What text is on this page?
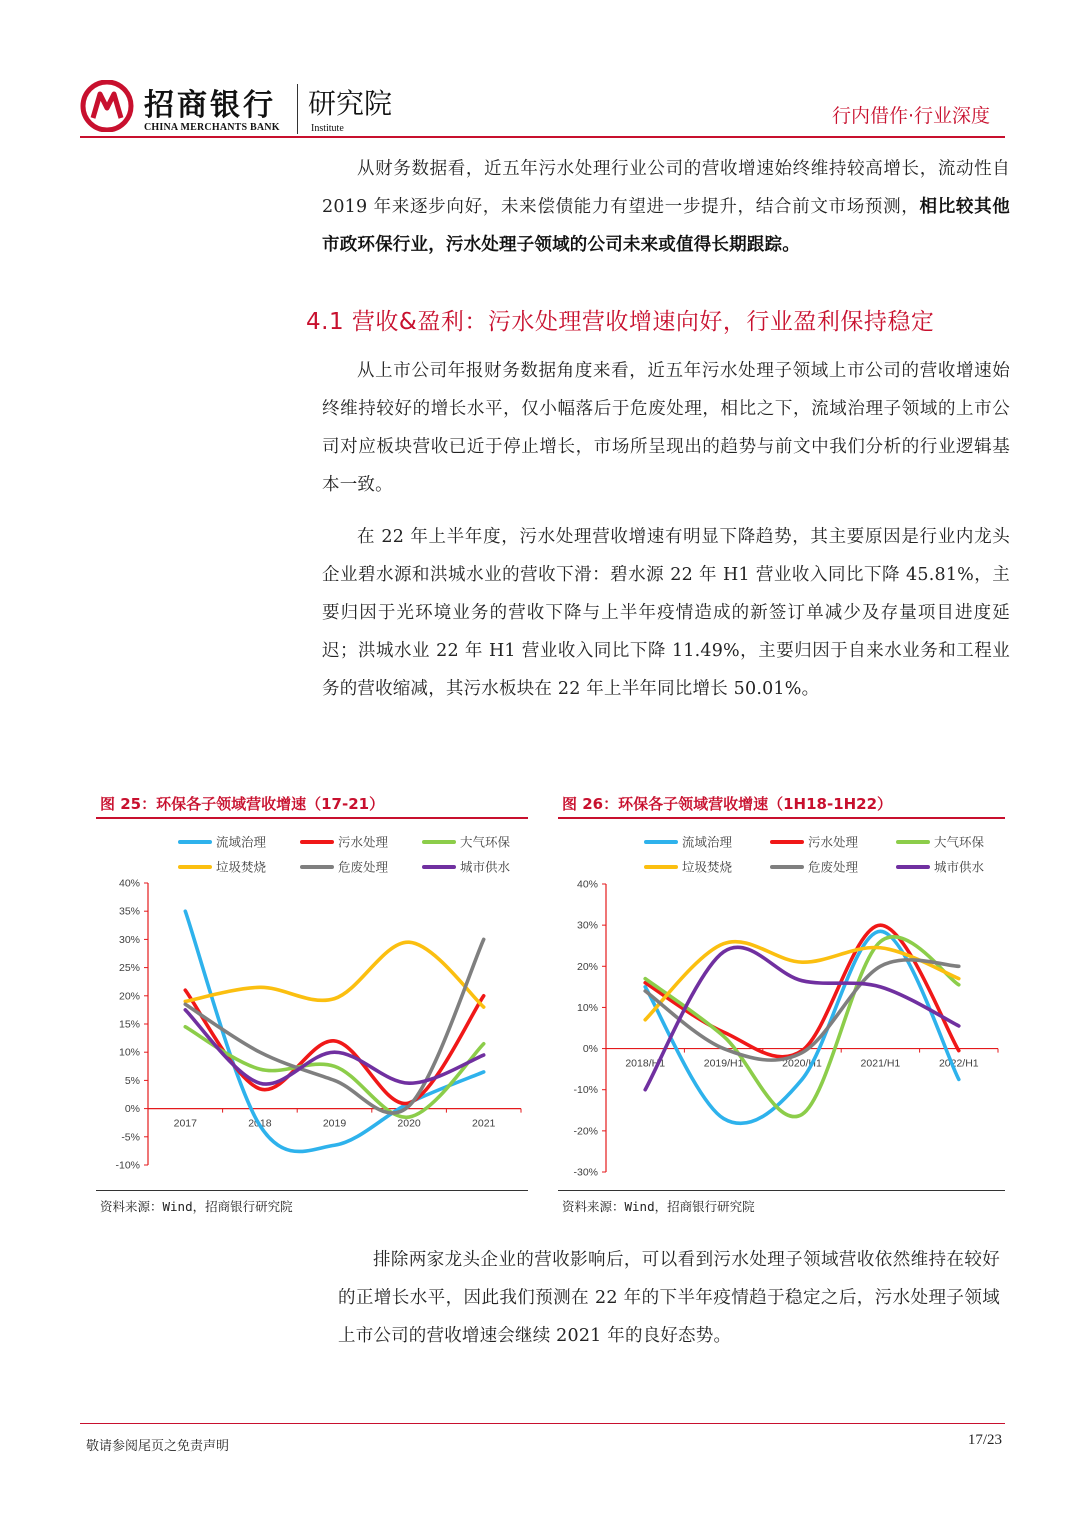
招商银行
CHINA MERCHANTS BANK
研究院
Institute
行内借作·行业深度
从财务数据看，近五年污水处理行业公司的营收增速始终维持较高增长，流动性自 2019 年来逐步向好，未来偿债能力有望进一步提升，结合前文市场预测，相比较其他市政环保行业，污水处理子领域的公司未来或值得长期跟踪。
4.1 营收&盈利：污水处理营收增速向好，行业盈利保持稳定
从上市公司年报财务数据角度来看，近五年污水处理子领域上市公司的营收增速始终维持较好的增长水平，仅小幅落后于危废处理，相比之下，流域治理子领域的上市公司对应板块营收已近于停止增长，市场所呈现出的趋势与前文中我们分析的行业逻辑基本一致。
在 22 年上半年度，污水处理营收增速有明显下降趋势，其主要原因是行业内龙头企业碧水源和洪城水业的营收下滑：碧水源 22 年 H1 营业收入同比下降 45.81%，主要归因于光环境业务的营收下降与上半年疫情造成的新签订单减少及存量项目进度延迟；洪城水业 22 年 H1 营业收入同比下降 11.49%，主要归因于自来水业务和工程业务的营收缩减，其污水板块在 22 年上半年同比增长 50.01%。
图 25：环保各子领域营收增速（17-21）
流域治理	污水处理	大气环保
垃圾焚烧	危废处理	城市供水
40%
35%
30%
25%
20%
15%
10%
5%
0%
-5%
-10%
2017	2018	2019	2020	2021
资料来源：Wind，招商银行研究院
图 26：环保各子领域营收增速（1H18-1H22）
流域治理	污水处理	大气环保
垃圾焚烧	危废处理	城市供水
40%
30%
20%
10%
0%
-10%
-20%
-30%
2018/H1	2019/H1	2020/H1	2021/H1	2022/H1
资料来源：Wind，招商银行研究院
排除两家龙头企业的营收影响后，可以看到污水处理子领域营收依然维持在较好的正增长水平，因此我们预测在 22 年的下半年疫情趋于稳定之后，污水处理子领域上市公司的营收增速会继续 2021 年的良好态势。
敬请参阅尾页之免责声明	17/23
